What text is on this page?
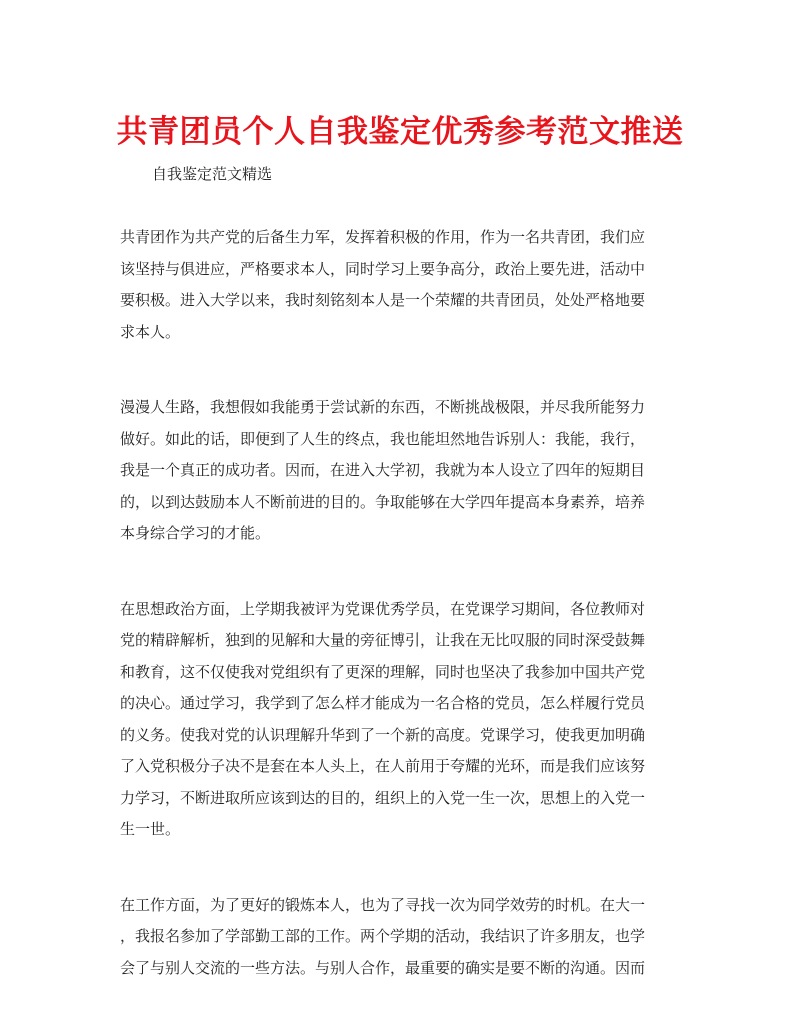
共青团员个人自我鉴定优秀参考范文推送
自我鉴定范文精选

共青团作为共产党的后备生力军，发挥着积极的作用，作为一名共青团，我们应
该坚持与俱进应，严格要求本人，同时学习上要争高分，政治上要先进，活动中
要积极。进入大学以来，我时刻铭刻本人是一个荣耀的共青团员，处处严格地要
求本人。

漫漫人生路，我想假如我能勇于尝试新的东西，不断挑战极限，并尽我所能努力
做好。如此的话，即便到了人生的终点，我也能坦然地告诉别人：我能，我行，
我是一个真正的成功者。因而，在进入大学初，我就为本人设立了四年的短期目
的，以到达鼓励本人不断前进的目的。争取能够在大学四年提高本身素养，培养
本身综合学习的才能。

在思想政治方面，上学期我被评为党课优秀学员，在党课学习期间，各位教师对
党的精辟解析，独到的见解和大量的旁征博引，让我在无比叹服的同时深受鼓舞
和教育，这不仅使我对党组织有了更深的理解，同时也坚决了我参加中国共产党
的决心。通过学习，我学到了怎么样才能成为一名合格的党员，怎么样履行党员
的义务。使我对党的认识理解升华到了一个新的高度。党课学习，使我更加明确
了入党积极分子决不是套在本人头上，在人前用于夸耀的光环，而是我们应该努
力学习，不断进取所应该到达的目的，组织上的入党一生一次，思想上的入党一
生一世。

在工作方面，为了更好的锻炼本人，也为了寻找一次为同学效劳的时机。在大一
，我报名参加了学部勤工部的工作。两个学期的活动，我结识了许多朋友，也学
会了与别人交流的一些方法。与别人合作，最重要的确实是要不断的沟通。因而
